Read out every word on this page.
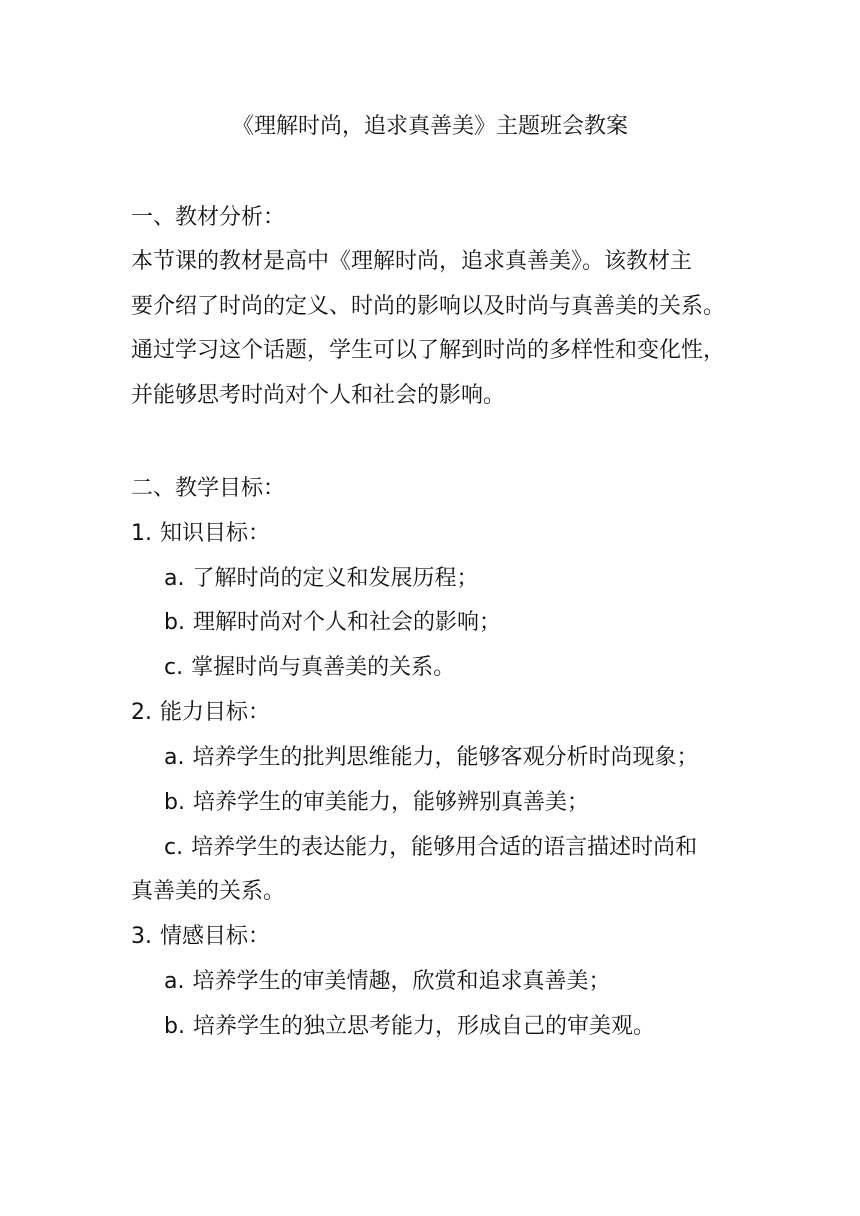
《理解时尚，追求真善美》主题班会教案
一、教材分析：
本节课的教材是高中《理解时尚，追求真善美》。该教材主
要介绍了时尚的定义、时尚的影响以及时尚与真善美的关系。
通过学习这个话题，学生可以了解到时尚的多样性和变化性，
并能够思考时尚对个人和社会的影响。
二、教学目标：
1. 知识目标：
a. 了解时尚的定义和发展历程；
b. 理解时尚对个人和社会的影响；
c. 掌握时尚与真善美的关系。
2. 能力目标：
a. 培养学生的批判思维能力，能够客观分析时尚现象；
b. 培养学生的审美能力，能够辨别真善美；
c. 培养学生的表达能力，能够用合适的语言描述时尚和
真善美的关系。
3. 情感目标：
a. 培养学生的审美情趣，欣赏和追求真善美；
b. 培养学生的独立思考能力，形成自己的审美观。
